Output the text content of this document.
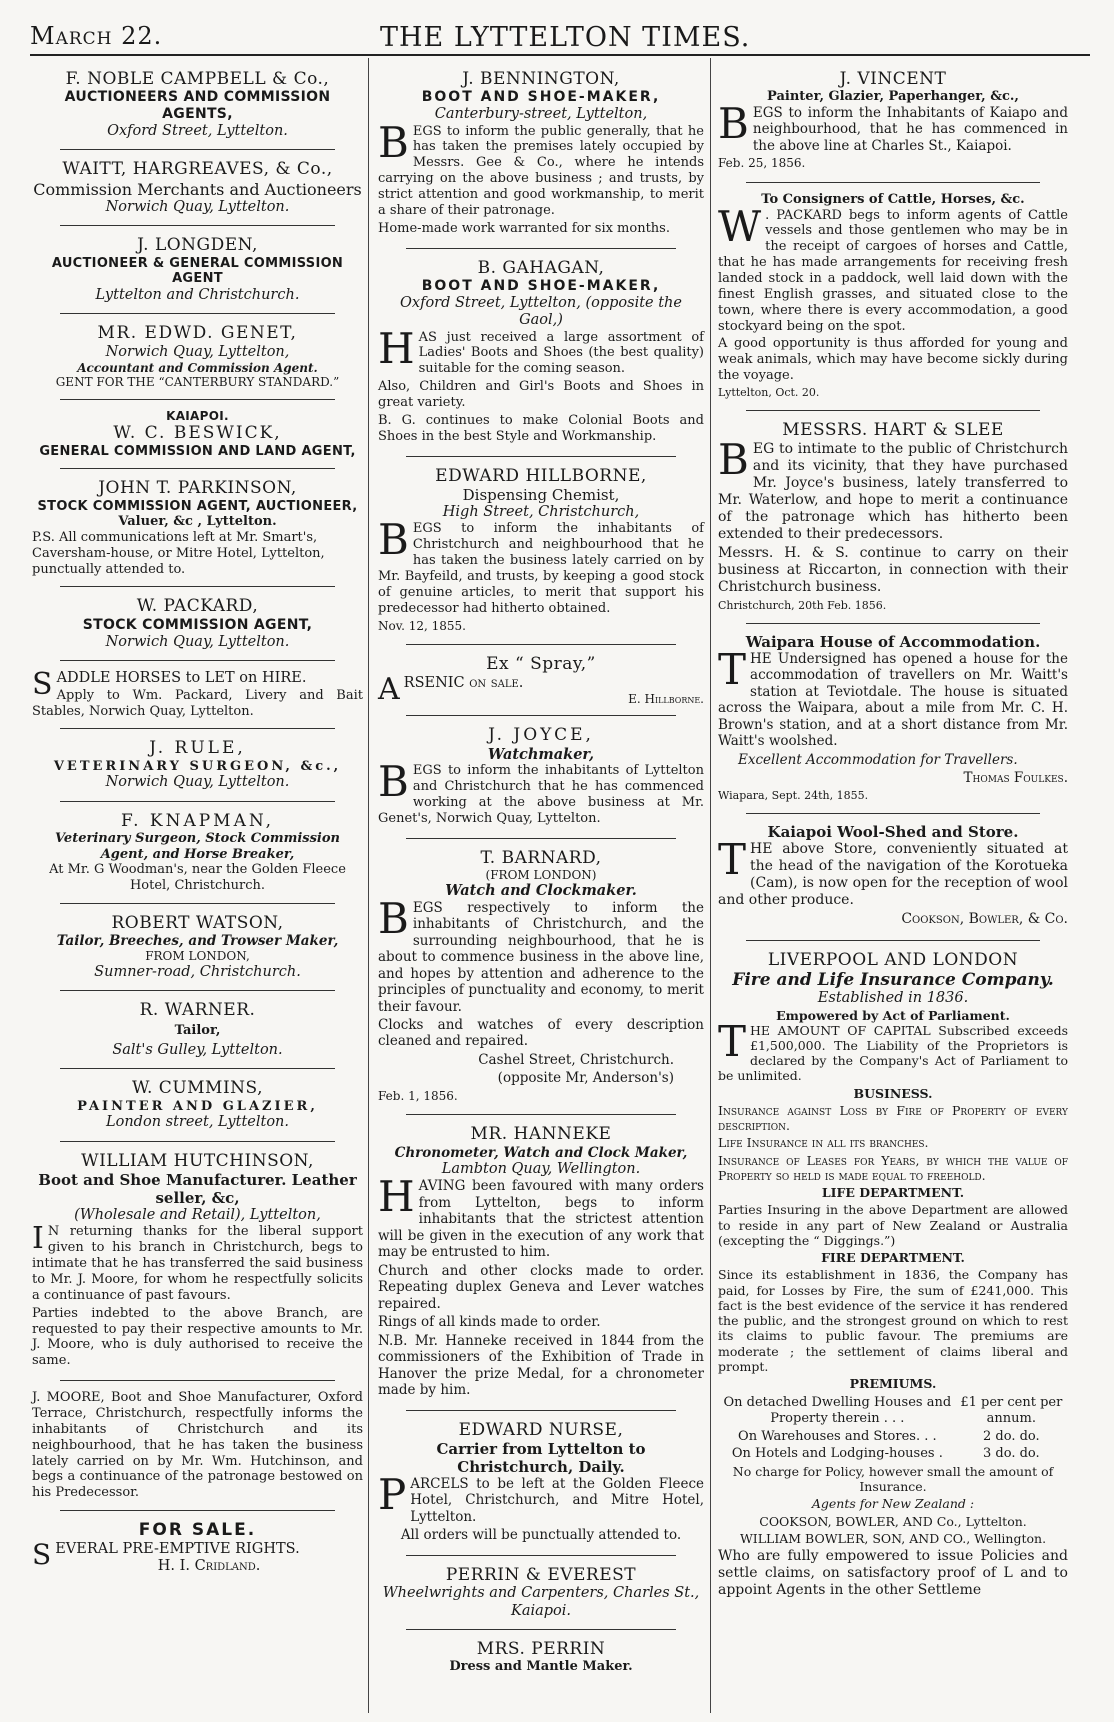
March 22.	THE LYTTELTON TIMES.
F. NOBLE CAMPBELL & Co.,
AUCTIONEERS AND COMMISSION AGENTS,
Oxford Street, Lyttelton.
WAITT, HARGREAVES, & Co.,
Commission Merchants and Auctioneers
Norwich Quay, Lyttelton.
J. LONGDEN,
AUCTIONEER & GENERAL COMMISSION AGENT
Lyttelton and Christchurch.
MR. EDWD. GENET,
Norwich Quay, Lyttelton,
Accountant and Commission Agent.
GENT FOR THE “CANTERBURY STANDARD.”
KAIAPOI.
W. C. BESWICK,
GENERAL COMMISSION AND LAND AGENT,
JOHN T. PARKINSON,
STOCK COMMISSION AGENT, AUCTIONEER,
Valuer, &c , Lyttelton.
P.S. All communications left at Mr. Smart's, Caversham-house, or Mitre Hotel, Lyttelton, punctually attended to.
W. PACKARD,
STOCK COMMISSION AGENT,
Norwich Quay, Lyttelton.
S ADDLE HORSES to LET on HIRE.
Apply to Wm. Packard, Livery and Bait Stables, Norwich Quay, Lyttelton.
J. RULE,
VETERINARY SURGEON, &c.,
Norwich Quay, Lyttelton.
F. KNAPMAN,
Veterinary Surgeon, Stock Commission Agent, and Horse Breaker,
At Mr. G Woodman's, near the Golden Fleece Hotel, Christchurch.
ROBERT WATSON,
Tailor, Breeches, and Trowser Maker,
FROM LONDON,
Sumner-road, Christchurch.
R. WARNER.
Tailor,
Salt's Gulley, Lyttelton.
W. CUMMINS,
PAINTER AND GLAZIER,
London street, Lyttelton.
WILLIAM HUTCHINSON,
Boot and Shoe Manufacturer. Leather seller, &c,
(Wholesale and Retail), Lyttelton,
I N returning thanks for the liberal support given to his branch in Christchurch, begs to intimate that he has transferred the said business to Mr. J. Moore, for whom he respectfully solicits a continuance of past favours.

Parties indebted to the above Branch, are requested to pay their respective amounts to Mr. J. Moore, who is duly authorised to receive the same.

J. MOORE, Boot and Shoe Manufacturer, Oxford Terrace, Christchurch, respectfully informs the inhabitants of Christchurch and its neighbourhood, that he has taken the business lately carried on by Mr. Wm. Hutchinson, and begs a continuance of the patronage bestowed on his Predecessor.
FOR SALE.
SEVERAL PRE-EMPTIVE RIGHTS.
H. I. Cridland.
J. BENNINGTON,
BOOT AND SHOE-MAKER,
Canterbury-street, Lyttelton,
B EGS to inform the public generally, that he has taken the premises lately occupied by Messrs. Gee & Co., where he intends carrying on the above business ; and trusts, by strict attention and good workmanship, to merit a share of their patronage.

Home-made work warranted for six months.

B. GAHAGAN,
BOOT AND SHOE-MAKER,
Oxford Street, Lyttelton, (opposite the Gaol,)
H AS just received a large assortment of Ladies' Boots and Shoes (the best quality) suitable for the coming season.

Also, Children and Girl's Boots and Shoes in great variety.

B. G. continues to make Colonial Boots and Shoes in the best Style and Workmanship.

EDWARD HILLBORNE,
Dispensing Chemist,
High Street, Christchurch,
B EGS to inform the inhabitants of Christchurch and neighbourhood that he has taken the business lately carried on by Mr. Bayfeild, and trusts, by keeping a good stock of genuine articles, to merit that support his predecessor had hitherto obtained.

Nov. 12, 1855.

Ex “ Spray,”
ARSENIC on sale.
E. Hillborne.
J. JOYCE,
Watchmaker,
B EGS to inform the inhabitants of Lyttelton and Christchurch that he has commenced working at the above business at Mr. Genet's, Norwich Quay, Lyttelton.

T. BARNARD,
(FROM LONDON)
Watch and Clockmaker.
B EGS respectively to inform the inhabitants of Christchurch, and the surrounding neighbourhood, that he is about to commence business in the above line, and hopes by attention and adherence to the principles of punctuality and economy, to merit their favour.

Clocks and watches of every description cleaned and repaired.

Cashel Street, Christchurch.

(opposite Mr, Anderson's)

Feb. 1, 1856.

MR. HANNEKE
Chronometer, Watch and Clock Maker,
Lambton Quay, Wellington.
H AVING been favoured with many orders from Lyttelton, begs to inform inhabitants that the strictest attention will be given in the execution of any work that may be entrusted to him.

Church and other clocks made to order. Repeating duplex Geneva and Lever watches repaired.

Rings of all kinds made to order.

N.B. Mr. Hanneke received in 1844 from the commissioners of the Exhibition of Trade in Hanover the prize Medal, for a chronometer made by him.

EDWARD NURSE,
Carrier from Lyttelton to Christchurch, Daily.
P ARCELS to be left at the Golden Fleece Hotel, Christchurch, and Mitre Hotel, Lyttelton.

All orders will be punctually attended to.

PERRIN & EVEREST
Wheelwrights and Carpenters, Charles St., Kaiapoi.
MRS. PERRIN
Dress and Mantle Maker.
J. VINCENT
Painter, Glazier, Paperhanger, &c.,
B EGS to inform the Inhabitants of Kaiapo and neighbourhood, that he has commenced in the above line at Charles St., Kaiapoi.

Feb. 25, 1856.

To Consigners of Cattle, Horses, &c.
W . PACKARD begs to inform agents of Cattle vessels and those gentlemen who may be in the receipt of cargoes of horses and Cattle, that he has made arrangements for receiving fresh landed stock in a paddock, well laid down with the finest English grasses, and situated close to the town, where there is every accommodation, a good stockyard being on the spot.

A good opportunity is thus afforded for young and weak animals, which may have become sickly during the voyage.

Lyttelton, Oct. 20.

MESSRS. HART & SLEE
B EG to intimate to the public of Christchurch and its vicinity, that they have purchased Mr. Joyce's business, lately transferred to Mr. Waterlow, and hope to merit a continuance of the patronage which has hitherto been extended to their predecessors.

Messrs. H. & S. continue to carry on their business at Riccarton, in connection with their Christchurch business.

Christchurch, 20th Feb. 1856.

Waipara House of Accommodation.
T HE Undersigned has opened a house for the accommodation of travellers on Mr. Waitt's station at Teviotdale. The house is situated across the Waipara, about a mile from Mr. C. H. Brown's station, and at a short distance from Mr. Waitt's woolshed.

Excellent Accommodation for Travellers.

Thomas Foulkes.

Wiapara, Sept. 24th, 1855.

Kaiapoi Wool-Shed and Store.
T HE above Store, conveniently situated at the head of the navigation of the Korotueka (Cam), is now open for the reception of wool and other produce.

Cookson, Bowler, & Co.

LIVERPOOL AND LONDON
Fire and Life Insurance Company.
Established in 1836.
Empowered by Act of Parliament.
T HE AMOUNT OF CAPITAL Subscribed exceeds £1,500,000. The Liability of the Proprietors is declared by the Company's Act of Parliament to be unlimited.

BUSINESS.

Insurance against Loss by Fire of Property of every description.

Life Insurance in all its branches.

Insurance of Leases for Years, by which the value of Property so held is made equal to freehold.

LIFE DEPARTMENT.

Parties Insuring in the above Department are allowed to reside in any part of New Zealand or Australia (excepting the “ Diggings.”)

FIRE DEPARTMENT.

Since its establishment in 1836, the Company has paid, for Losses by Fire, the sum of £241,000. This fact is the best evidence of the service it has rendered the public, and the strongest ground on which to rest its claims to public favour. The premiums are moderate ; the settlement of claims liberal and prompt.

PREMIUMS.

On detached Dwelling Houses and Property therein . . .	£1 per cent per annum.
On Warehouses and Stores. . .	2 do. do.
On Hotels and Lodging-houses .	3 do. do.

No charge for Policy, however small the amount of Insurance.

Agents for New Zealand :

COOKSON, BOWLER, AND Co., Lyttelton.

WILLIAM BOWLER, SON, AND CO., Wellington.

Who are fully empowered to issue Policies and settle claims, on satisfactory proof of L and to appoint Agents in the other Settleme
